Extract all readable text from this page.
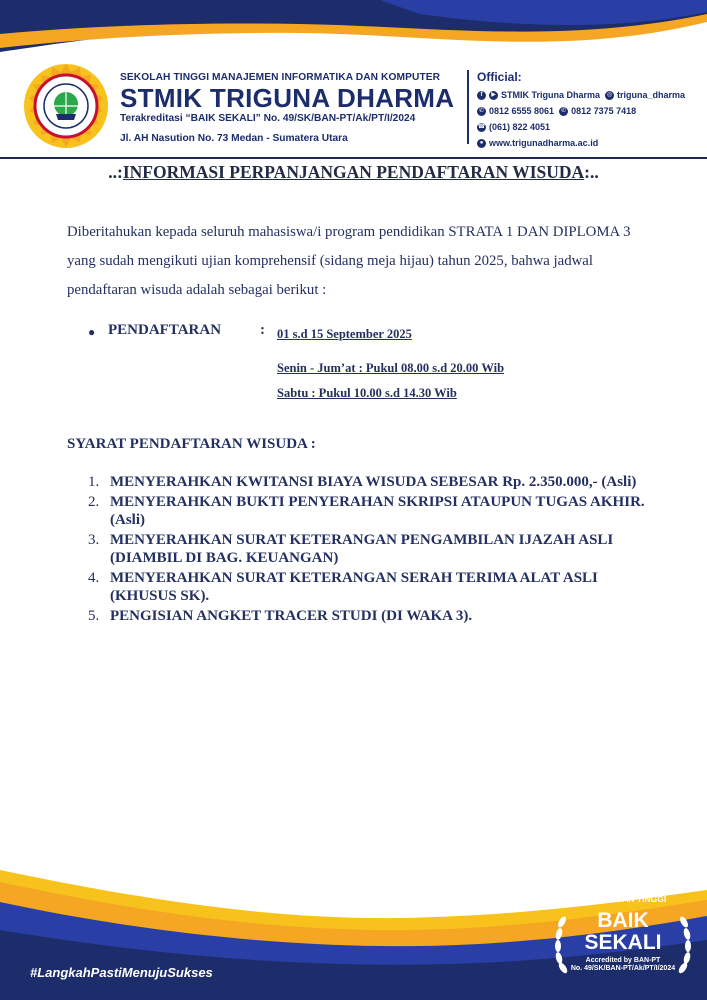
SEKOLAH TINGGI MANAJEMEN INFORMATIKA DAN KOMPUTER
STMIK TRIGUNA DHARMA
Terakreditasi “BAIK SEKALI” No. 49/SK/BAN-PT/Ak/PT/I/2024
Jl. AH Nasution No. 73 Medan - Sumatera Utara
Official:
f	▶ STMIK Triguna Dharma	◎ triguna_dharma
✆ 0812 6555 8061	✆ 0812 7375 7418
☎ (061) 822 4051
● www.trigunadharma.ac.id
..:INFORMASI PERPANJANGAN PENDAFTARAN WISUDA:..

Diberitahukan kepada seluruh mahasiswa/i program pendidikan STRATA 1 DAN DIPLOMA 3 yang sudah mengikuti ujian komprehensif (sidang meja hijau) tahun 2025, bahwa jadwal pendaftaran wisuda adalah sebagai berikut :

● PENDAFTARAN	: 01 s.d 15 September 2025
Senin - Jum’at : Pukul 08.00 s.d 20.00 Wib
Sabtu : Pukul 10.00 s.d 14.30 Wib
SYARAT PENDAFTARAN WISUDA :
1. MENYERAHKAN KWITANSI BIAYA WISUDA SEBESAR Rp. 2.350.000,- (Asli)
2. MENYERAHKAN BUKTI PENYERAHAN SKRIPSI ATAUPUN TUGAS AKHIR.(Asli)
3. MENYERAHKAN SURAT KETERANGAN PENGAMBILAN IJAZAH ASLI (DIAMBIL DI BAG. KEUANGAN)
4. MENYERAHKAN SURAT KETERANGAN SERAH TERIMA ALAT ASLI (KHUSUS SK).
5. PENGISIAN ANGKET TRACER STUDI (DI WAKA 3).
#LangkahPastiMenujuSukses
AKREDITASI
PERGURUAN TINGGI
BAIK
SEKALI
Accredited by BAN-PT
No. 49/SK/BAN-PT/Ak/PT/I/2024
